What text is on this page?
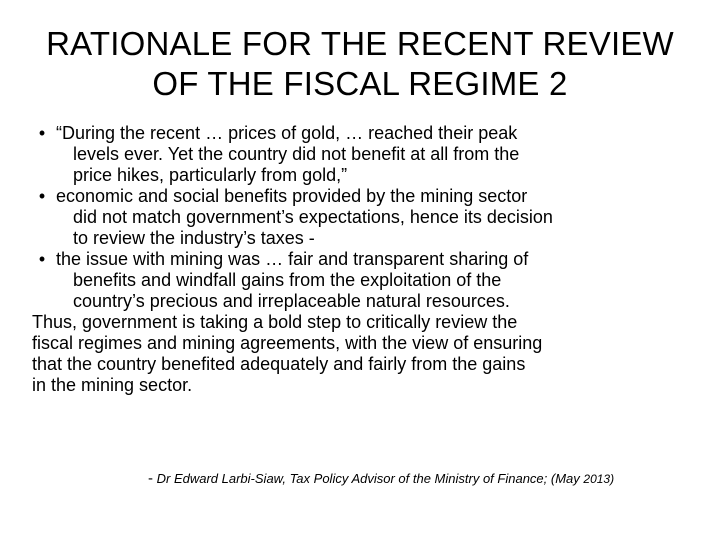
RATIONALE FOR THE RECENT REVIEW
OF THE FISCAL REGIME 2
• “During the recent … prices of gold, … reached their peak
levels ever. Yet the country did not benefit at all from the
price hikes, particularly from gold,”
• economic and social benefits provided by the mining sector
did not match government’s expectations, hence its decision
to review the industry’s taxes -
• the issue with mining was … fair and transparent sharing of
benefits and windfall gains from the exploitation of the
country’s precious and irreplaceable natural resources.

Thus, government is taking a bold step to critically review the
fiscal regimes and mining agreements, with the view of ensuring
that the country benefited adequately and fairly from the gains
in the mining sector.

- Dr Edward Larbi-Siaw, Tax Policy Advisor of the Ministry of Finance; (May 2013)
